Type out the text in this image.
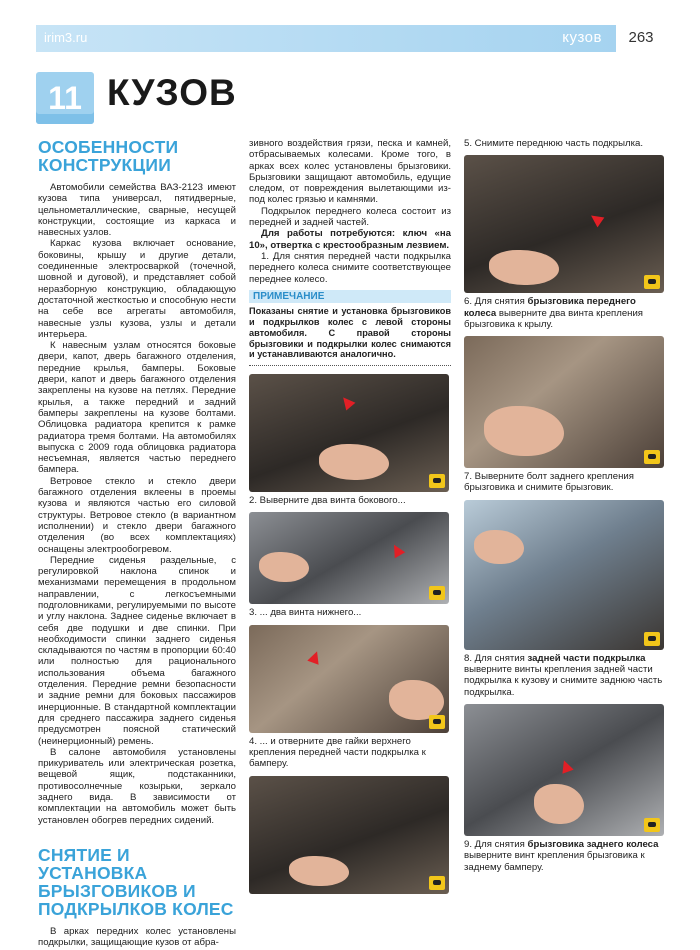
irim3.ru	кузов	263
11 КУЗОВ
ОСОБЕННОСТИ КОНСТРУКЦИИ

Автомобили семейства ВАЗ-2123 имеют кузова типа универсал, пятидверные, цельнометаллические, сварные, несущей конструкции, состоящие из каркаса и навесных узлов.

Каркас кузова включает основание, боковины, крышу и другие детали, соединенные электросваркой (точечной, шовной и дуговой), и представляет собой неразборную конструкцию, обладающую достаточной жесткостью и способную нести на себе все агрегаты автомобиля, навесные узлы кузова, узлы и детали интерьера.

К навесным узлам относятся боковые двери, капот, дверь багажного отделения, передние крылья, бамперы. Боковые двери, капот и дверь багажного отделения закреплены на кузове на петлях. Передние крылья, а также передний и задний бамперы закреплены на кузове болтами. Облицовка радиатора крепится к рамке радиатора тремя болтами. На автомобилях выпуска с 2009 года облицовка радиатора несъемная, является частью переднего бампера.

Ветровое стекло и стекло двери багажного отделения вклеены в проемы кузова и являются частью его силовой структуры. Ветровое стекло (в вариантном исполнении) и стекло двери багажного отделения (во всех комплектациях) оснащены электрообогревом.

Передние сиденья раздельные, с регулировкой наклона спинок и механизмами перемещения в продольном направлении, с легкосъемными подголовниками, регулируемыми по высоте и углу наклона. Заднее сиденье включает в себя две подушки и две спинки. При необходимости спинки заднего сиденья складываются по частям в пропорции 60:40 или полностью для рационального использования объема багажного отделения. Передние ремни безопасности и задние ремни для боковых пассажиров инерционные. В стандартной комплектации для среднего пассажира заднего сиденья предусмотрен поясной статический (неинерционный) ремень.

В салоне автомобиля установлены прикуриватель или электрическая розетка, вещевой ящик, подстаканники, противосолнечные козырьки, зеркало заднего вида. В зависимости от комплектации на автомобиль может быть установлен обогрев передних сидений.

СНЯТИЕ И УСТАНОВКА БРЫЗГОВИКОВ И ПОДКРЫЛКОВ КОЛЕС

В арках передних колес установлены подкрылки, защищающие кузов от абра-

зивного воздействия грязи, песка и камней, отбрасываемых колесами. Кроме того, в арках всех колес установлены брызговики. Брызговики защищают автомобиль, едущие следом, от повреждения вылетающими из-под колес грязью и камнями.

Подкрылок переднего колеса состоит из передней и задней частей.

Для работы потребуются: ключ «на 10», отвертка с крестообразным лезвием.

1. Для снятия передней части подкрылка переднего колеса снимите соответствующее переднее колесо.

ПРИМЕЧАНИЕ
Показаны снятие и установка брызговиков и подкрылков колес с левой стороны автомобиля. С правой стороны брызговики и подкрылки колес снимаются и устанавливаются аналогично.
2. Выверните два винта бокового...
3. ... два винта нижнего...
4. ... и отверните две гайки верхнего крепления передней части подкрылка к бамперу.
5. Снимите переднюю часть подкрылка.
6. Для снятия брызговика переднего колеса выверните два винта крепления брызговика к крылу.
7. Выверните болт заднего крепления брызговика и снимите брызговик.
8. Для снятия задней части подкрылка выверните винты крепления задней части подкрылка к кузову и снимите заднюю часть подкрылка.
9. Для снятия брызговика заднего колеса выверните винт крепления брызговика к заднему бамперу.
